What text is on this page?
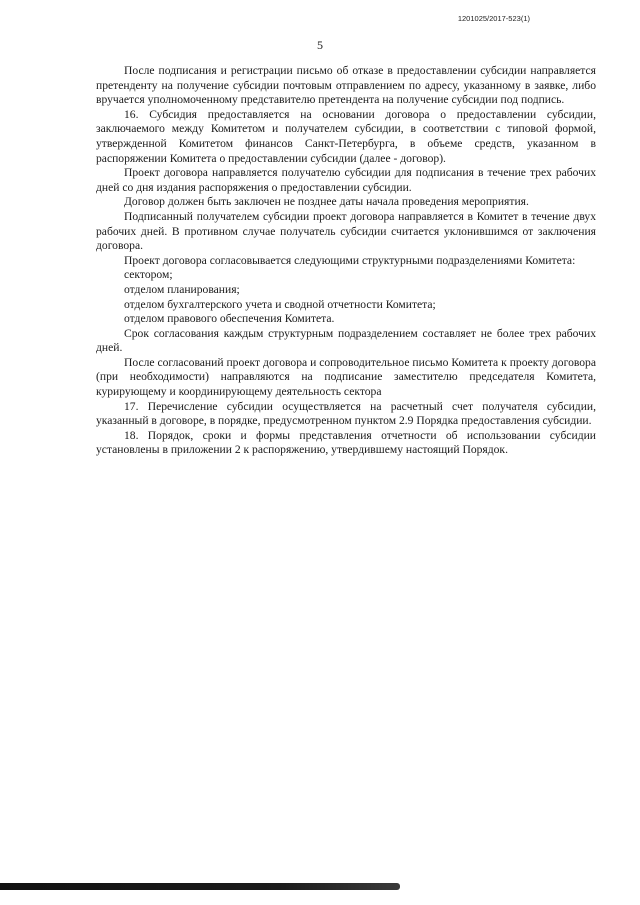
1201025/2017-523(1)
5

После подписания и регистрации письмо об отказе в предоставлении субсидии направляется претенденту на получение субсидии почтовым отправлением по адресу, указанному в заявке, либо вручается уполномоченному представителю претендента на получение субсидии под подпись.

16. Субсидия предоставляется на основании договора о предоставлении субсидии, заключаемого между Комитетом и получателем субсидии, в соответствии с типовой формой, утвержденной Комитетом финансов Санкт-Петербурга, в объеме средств, указанном в распоряжении Комитета о предоставлении субсидии (далее - договор).

Проект договора направляется получателю субсидии для подписания в течение трех рабочих дней со дня издания распоряжения о предоставлении субсидии.

Договор должен быть заключен не позднее даты начала проведения мероприятия.

Подписанный получателем субсидии проект договора направляется в Комитет в течение двух рабочих дней. В противном случае получатель субсидии считается уклонившимся от заключения договора.

Проект договора согласовывается следующими структурными подразделениями Комитета:

сектором;

отделом планирования;

отделом бухгалтерского учета и сводной отчетности Комитета;

отделом правового обеспечения Комитета.

Срок согласования каждым структурным подразделением составляет не более трех рабочих дней.

После согласований проект договора и сопроводительное письмо Комитета к проекту договора (при необходимости) направляются на подписание заместителю председателя Комитета, курирующему и координирующему деятельность сектора

17. Перечисление субсидии осуществляется на расчетный счет получателя субсидии, указанный в договоре, в порядке, предусмотренном пунктом 2.9 Порядка предоставления субсидии.

18. Порядок, сроки и формы представления отчетности об использовании субсидии установлены в приложении 2 к распоряжению, утвердившему настоящий Порядок.
